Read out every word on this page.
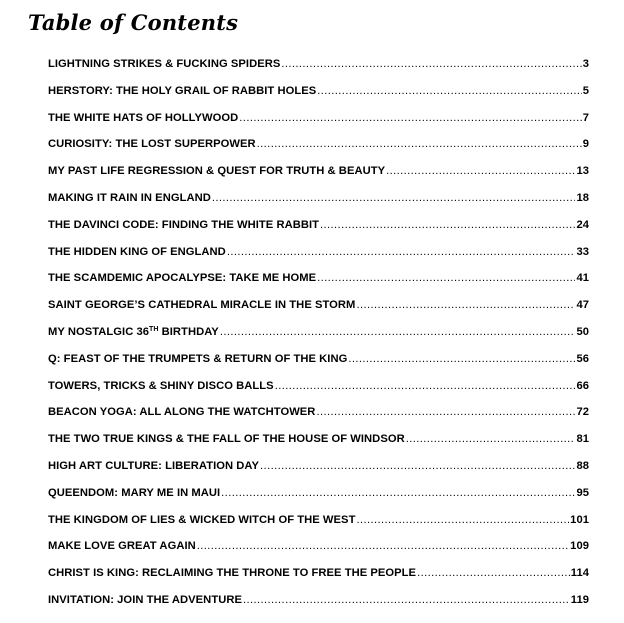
Table of Contents
LIGHTNING STRIKES & FUCKING SPIDERS .....	3
HERSTORY: THE HOLY GRAIL OF RABBIT HOLES .....	5
THE WHITE HATS OF HOLLYWOOD .....	7
CURIOSITY: THE LOST SUPERPOWER .....	9
MY PAST LIFE REGRESSION & QUEST FOR TRUTH & BEAUTY .....	13
MAKING IT RAIN IN ENGLAND .....	18
THE DAVINCI CODE: FINDING THE WHITE RABBIT .....	24
THE HIDDEN KING OF ENGLAND .....	33
THE SCAMDEMIC APOCALYPSE: TAKE ME HOME .....	41
SAINT GEORGE’S CATHEDRAL MIRACLE IN THE STORM .....	47
MY NOSTALGIC 36TH BIRTHDAY .....	50
Q: FEAST OF THE TRUMPETS & RETURN OF THE KING .....	56
TOWERS, TRICKS & SHINY DISCO BALLS .....	66
BEACON YOGA: ALL ALONG THE WATCHTOWER .....	72
THE TWO TRUE KINGS & THE FALL OF THE HOUSE OF WINDSOR .....	81
HIGH ART CULTURE: LIBERATION DAY .....	88
QUEENDOM: MARY ME IN MAUI .....	95
THE KINGDOM OF LIES & WICKED WITCH OF THE WEST .....	101
MAKE LOVE GREAT AGAIN .....	109
CHRIST IS KING: RECLAIMING THE THRONE TO FREE THE PEOPLE .....	114
INVITATION: JOIN THE ADVENTURE .....	119
